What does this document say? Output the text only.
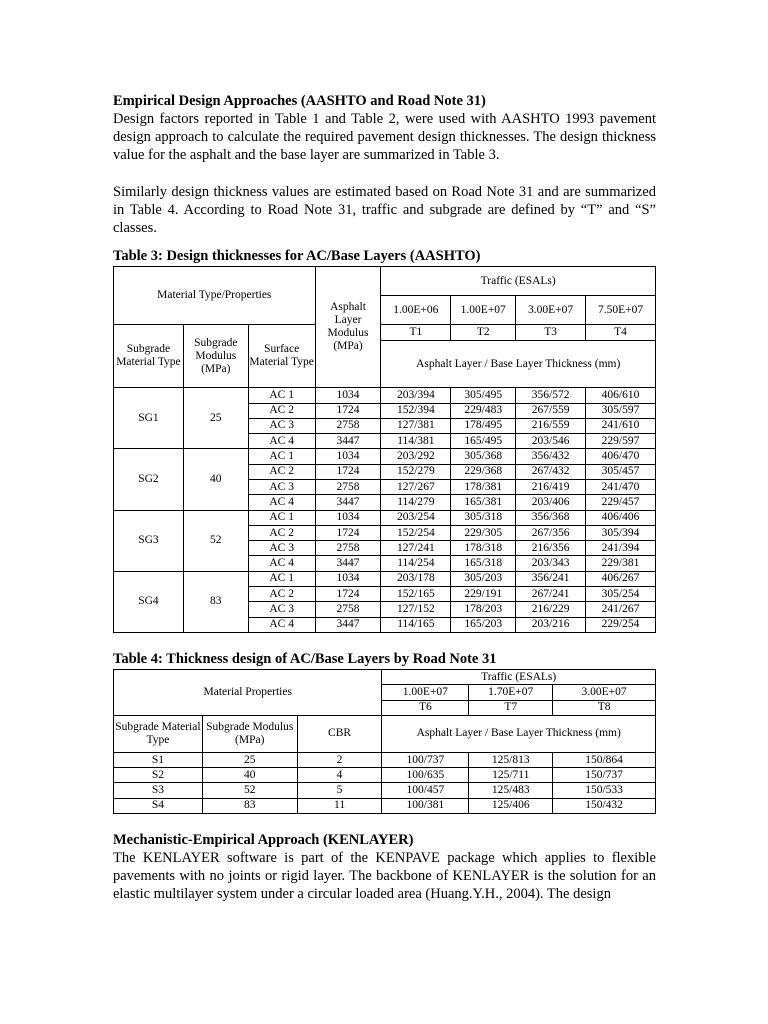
Empirical Design Approaches (AASHTO and Road Note 31)

Design factors reported in Table 1 and Table 2, were used with AASHTO 1993 pavement design approach to calculate the required pavement design thicknesses. The design thickness value for the asphalt and the base layer are summarized in Table 3.

Similarly design thickness values are estimated based on Road Note 31 and are summarized in Table 4. According to Road Note 31, traffic and subgrade are defined by “T” and “S” classes.

Table 3: Design thicknesses for AC/Base Layers (AASHTO)
Material Type/Properties			Asphalt Layer Modulus (MPa)	Traffic (ESALs)			
				1.00E+06	1.00E+07	3.00E+07	7.50E+07
Subgrade Material Type	Subgrade Modulus (MPa)	Surface Material Type		T1	T2	T3	T4
				Asphalt Layer / Base Layer Thickness (mm)			
SG1	25	AC 1	1034	203/394	305/495	356/572	406/610
		AC 2	1724	152/394	229/483	267/559	305/597
		AC 3	2758	127/381	178/495	216/559	241/610
		AC 4	3447	114/381	165/495	203/546	229/597
SG2	40	AC 1	1034	203/292	305/368	356/432	406/470
		AC 2	1724	152/279	229/368	267/432	305/457
		AC 3	2758	127/267	178/381	216/419	241/470
		AC 4	3447	114/279	165/381	203/406	229/457
SG3	52	AC 1	1034	203/254	305/318	356/368	406/406
		AC 2	1724	152/254	229/305	267/356	305/394
		AC 3	2758	127/241	178/318	216/356	241/394
		AC 4	3447	114/254	165/318	203/343	229/381
SG4	83	AC 1	1034	203/178	305/203	356/241	406/267
		AC 2	1724	152/165	229/191	267/241	305/254
		AC 3	2758	127/152	178/203	216/229	241/267
		AC 4	3447	114/165	165/203	203/216	229/254
Table 4: Thickness design of AC/Base Layers by Road Note 31
Material Properties			Traffic (ESALs)		
			1.00E+07	1.70E+07	3.00E+07
			T6	T7	T8
Subgrade Material Type	Subgrade Modulus (MPa)	CBR	Asphalt Layer / Base Layer Thickness (mm)		
S1	25	2	100/737	125/813	150/864
S2	40	4	100/635	125/711	150/737
S3	52	5	100/457	125/483	150/533
S4	83	11	100/381	125/406	150/432
Mechanistic-Empirical Approach (KENLAYER)

The KENLAYER software is part of the KENPAVE package which applies to flexible pavements with no joints or rigid layer. The backbone of KENLAYER is the solution for an elastic multilayer system under a circular loaded area (Huang.Y.H., 2004). The design
